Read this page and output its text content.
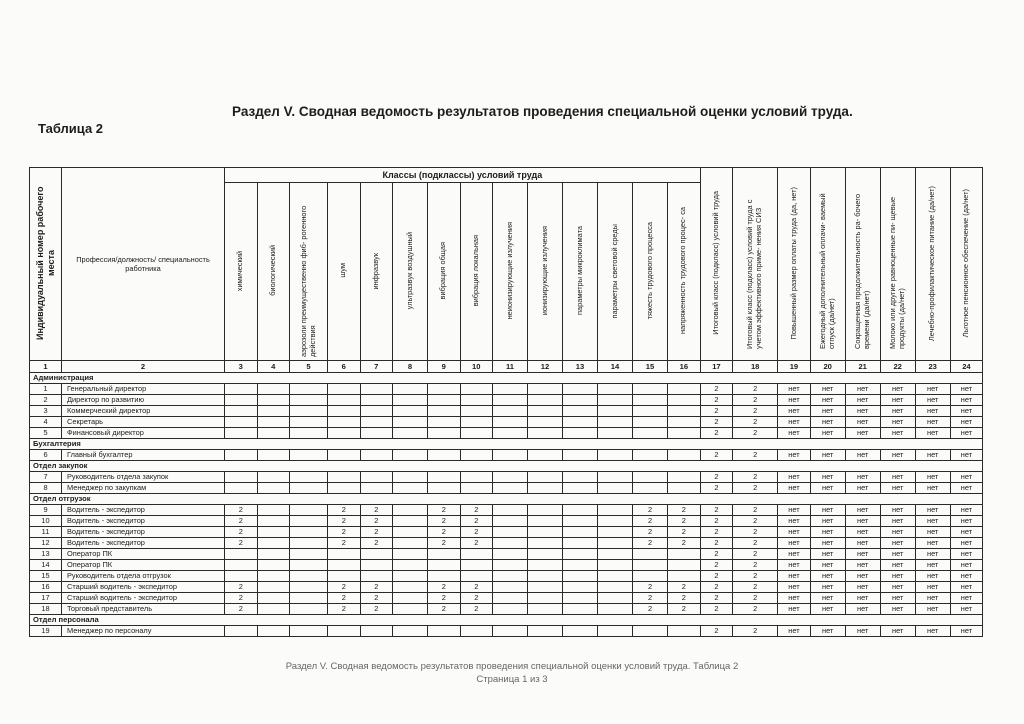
Раздел V. Сводная ведомость результатов проведения специальной оценки условий труда.
Таблица 2
Индивидуальный номер рабочего места	Профессия/должность/ специальность работника	Классы (подклассы) условий труда														Итоговый класс (подкласс) условий труда	Итоговый класс (подкласс) условий труда с учетом эффективного приме- нения СИЗ	Повышенный размер оплаты труда (да, нет)	Ежегодный дополнительный оплачи- ваемый отпуск (да/нет)	Сокращенная продолжительность ра- бочего времени (да/нет)	Молоко или другие равноценные пи- щевые продукты (да/нет)	Лечебно-профилактическое питание (да/нет)	Льготное пенсионное обеспечение (да/нет)
		химический	биологический	аэрозоли преимущественно фиб- рогенного действия	шум	инфразвук	ультразвук воздушный	вибрация общая	вибрация локальная	неионизирующие излучения	ионизирующие излучения	параметры микроклимата	параметры световой среды	тяжесть трудового процесса	напряженность трудового процес- са								
1	2	3	4	5	6	7	8	9	10	11	12	13	14	15	16	17	18	19	20	21	22	23	24
Администрация																							
1	Генеральный директор															2	2	нет	нет	нет	нет	нет	нет
2	Директор по развитию															2	2	нет	нет	нет	нет	нет	нет
3	Коммерческий директор															2	2	нет	нет	нет	нет	нет	нет
4	Секретарь															2	2	нет	нет	нет	нет	нет	нет
5	Финансовый директор															2	2	нет	нет	нет	нет	нет	нет
Бухгалтерия																							
6	Главный бухгалтер															2	2	нет	нет	нет	нет	нет	нет
Отдел закупок																							
7	Руководитель отдела закупок															2	2	нет	нет	нет	нет	нет	нет
8	Менеджер по закупкам															2	2	нет	нет	нет	нет	нет	нет
Отдел отгрузок																							
9	Водитель - экспедитор	2			2	2		2	2					2	2	2	2	нет	нет	нет	нет	нет	нет
10	Водитель - экспедитор	2			2	2		2	2					2	2	2	2	нет	нет	нет	нет	нет	нет
11	Водитель - экспедитор	2			2	2		2	2					2	2	2	2	нет	нет	нет	нет	нет	нет
12	Водитель - экспедитор	2			2	2		2	2					2	2	2	2	нет	нет	нет	нет	нет	нет
13	Оператор ПК															2	2	нет	нет	нет	нет	нет	нет
14	Оператор ПК															2	2	нет	нет	нет	нет	нет	нет
15	Руководитель отдела отгрузок															2	2	нет	нет	нет	нет	нет	нет
16	Старший водитель - экспедитор	2			2	2		2	2					2	2	2	2	нет	нет	нет	нет	нет	нет
17	Старший водитель - экспедитор	2			2	2		2	2					2	2	2	2	нет	нет	нет	нет	нет	нет
18	Торговый представитель	2			2	2		2	2					2	2	2	2	нет	нет	нет	нет	нет	нет
Отдел персонала																							
19	Менеджер по персоналу															2	2	нет	нет	нет	нет	нет	нет
Раздел V. Сводная ведомость результатов проведения специальной оценки условий труда. Таблица 2
Страница 1 из 3
